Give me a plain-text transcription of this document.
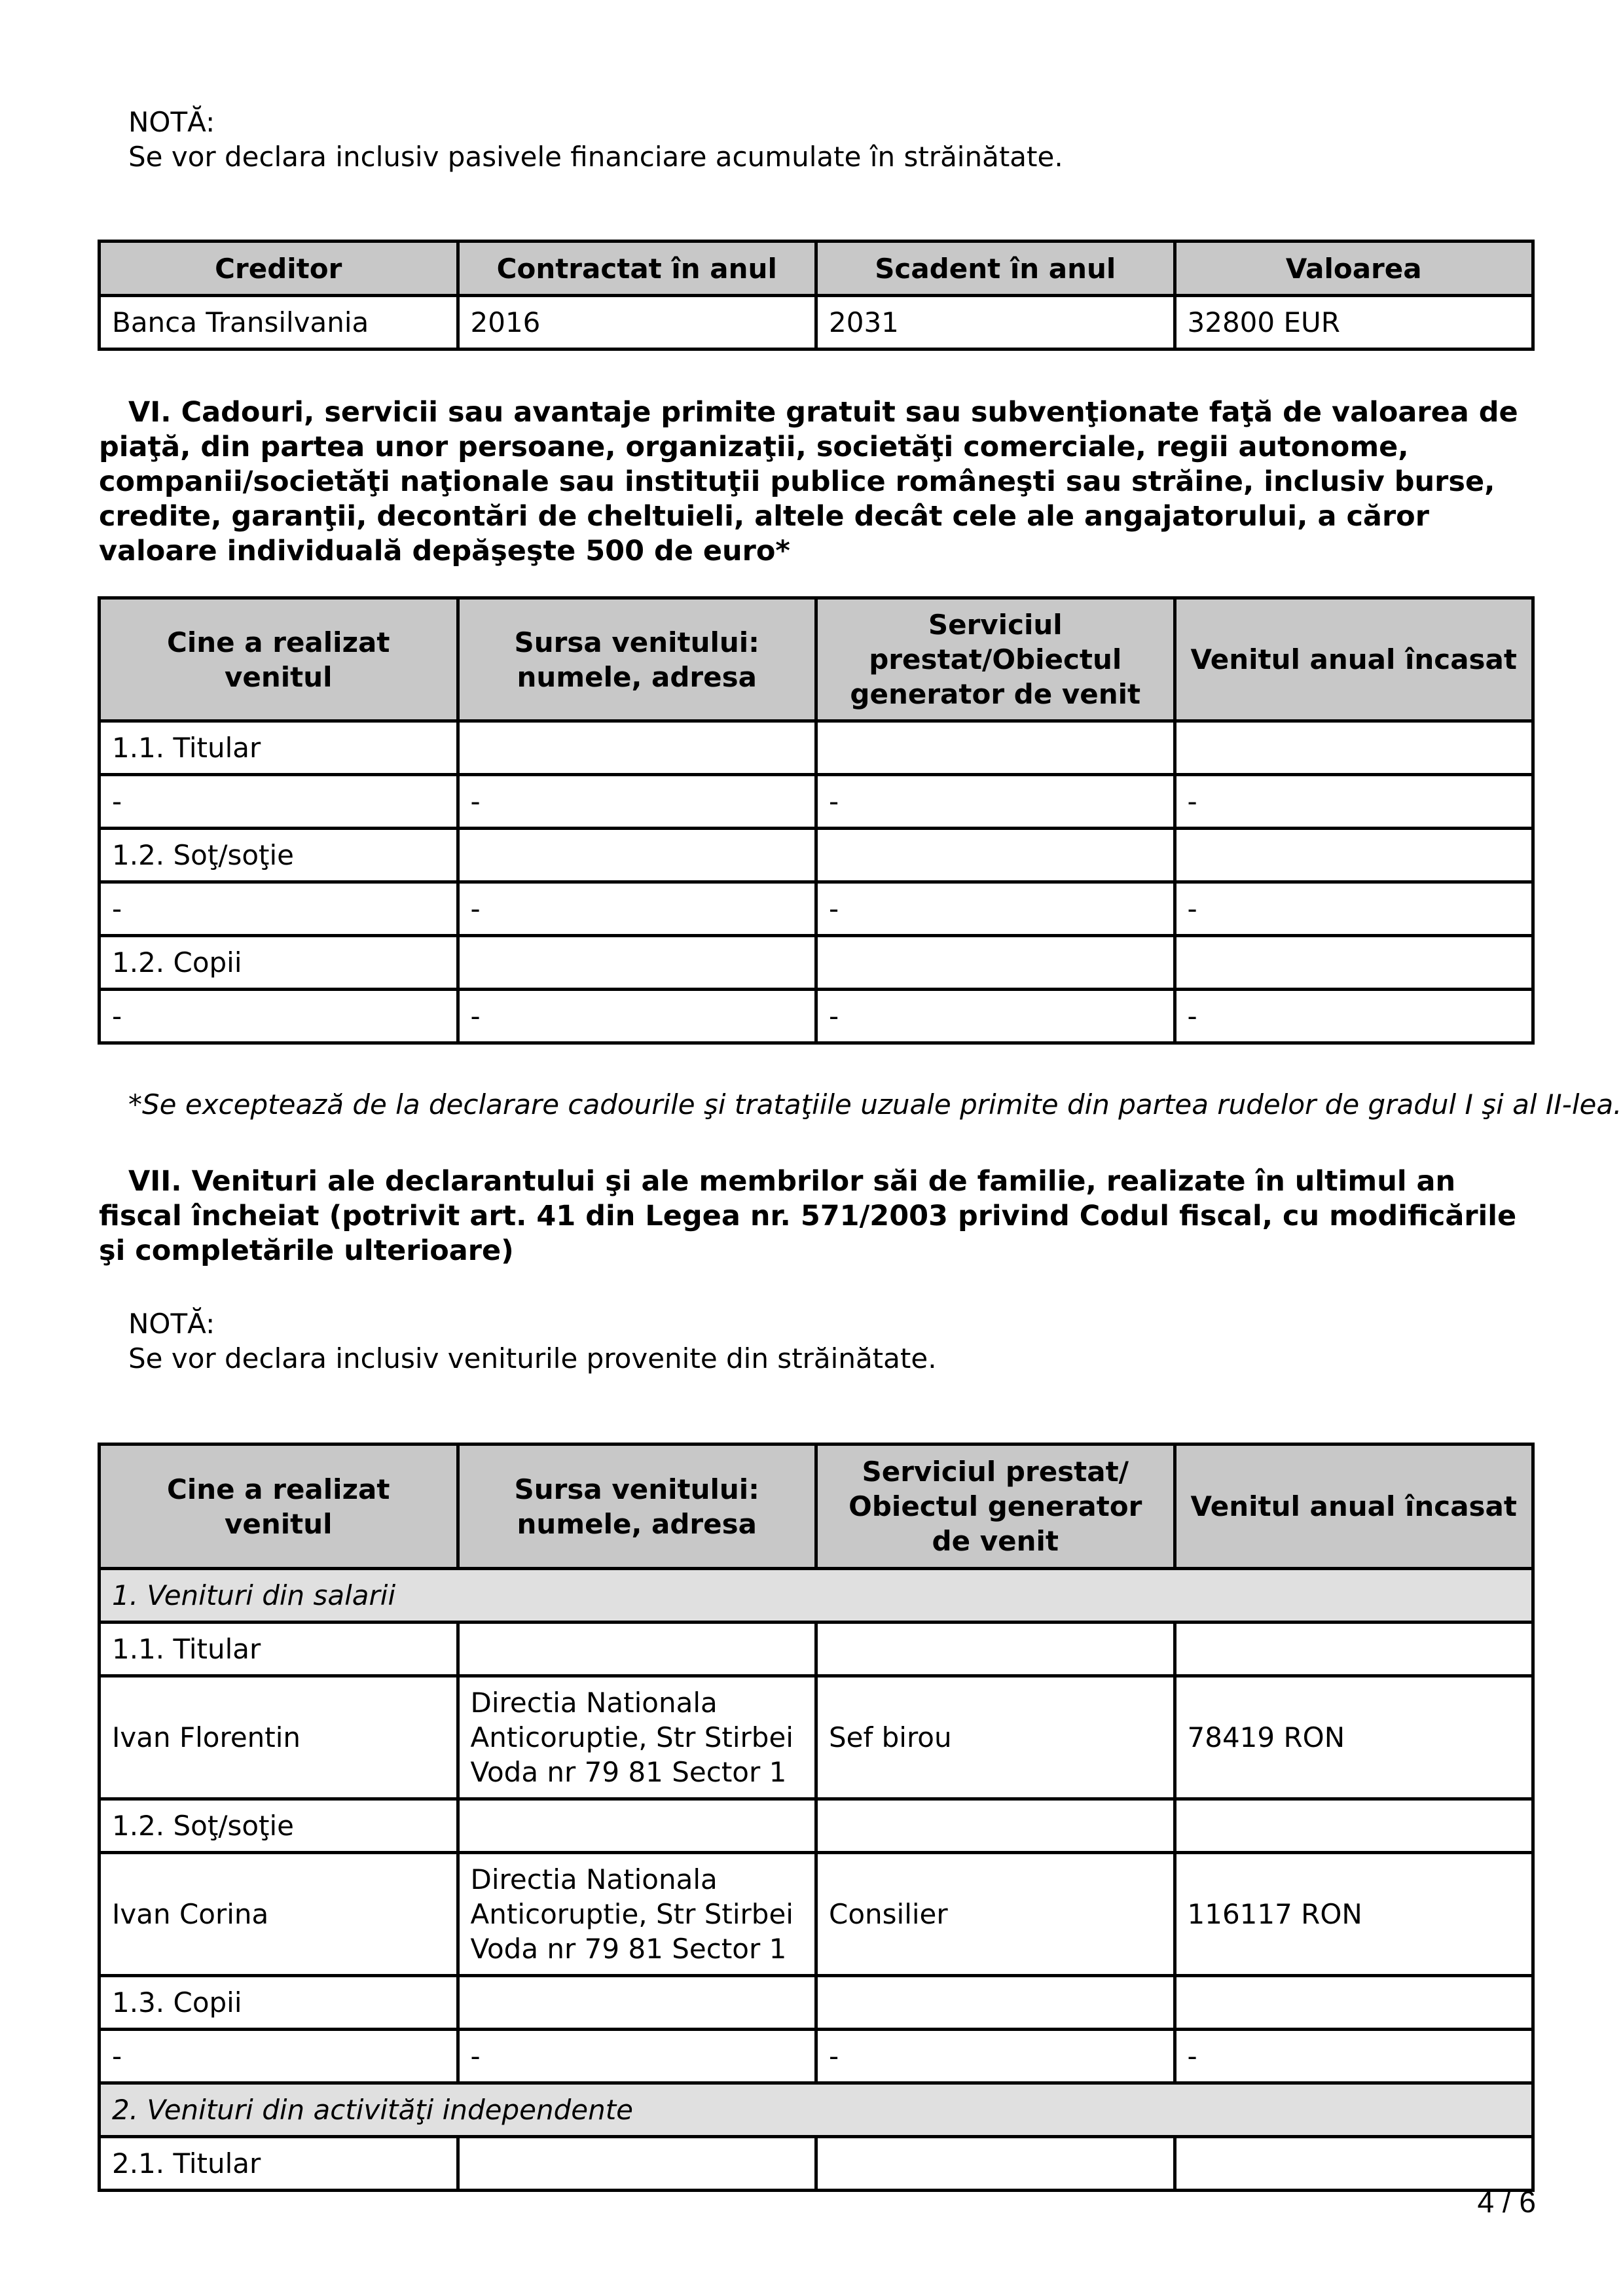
NOTĂ:
Se vor declara inclusiv pasivele financiare acumulate în străinătate.
Creditor	Contractat în anul	Scadent în anul	Valoarea
Banca Transilvania	2016	2031	32800 EUR
VI. Cadouri, servicii sau avantaje primite gratuit sau subvenţionate faţă de valoarea de piaţă, din partea unor persoane, organizaţii, societăţi comerciale, regii autonome, companii/societăţi naţionale sau instituţii publice româneşti sau străine, inclusiv burse, credite, garanţii, decontări de cheltuieli, altele decât cele ale angajatorului, a căror valoare individuală depăşeşte 500 de euro*
Cine a realizat venitul	Sursa venitului: numele, adresa	Serviciul prestat/Obiectul generator de venit	Venitul anual încasat
1.1. Titular			
-	-	-	-
1.2. Soţ/soţie			
-	-	-	-
1.2. Copii			
-	-	-	-
*Se exceptează de la declarare cadourile şi trataţiile uzuale primite din partea rudelor de gradul I şi al II-lea.
VII. Venituri ale declarantului şi ale membrilor săi de familie, realizate în ultimul an fiscal încheiat (potrivit art. 41 din Legea nr. 571/2003 privind Codul fiscal, cu modificările şi completările ulterioare)
NOTĂ:
Se vor declara inclusiv veniturile provenite din străinătate.
Cine a realizat venitul	Sursa venitului: numele, adresa	Serviciul prestat/ Obiectul generator de venit	Venitul anual încasat
1. Venituri din salarii			
1.1. Titular			
Ivan Florentin	Directia Nationala Anticoruptie, Str Stirbei Voda nr 79 81 Sector 1	Sef birou	78419 RON
1.2. Soţ/soţie			
Ivan Corina	Directia Nationala Anticoruptie, Str Stirbei Voda nr 79 81 Sector 1	Consilier	116117 RON
1.3. Copii			
-	-	-	-
2. Venituri din activităţi independente			
2.1. Titular			
4 / 6
